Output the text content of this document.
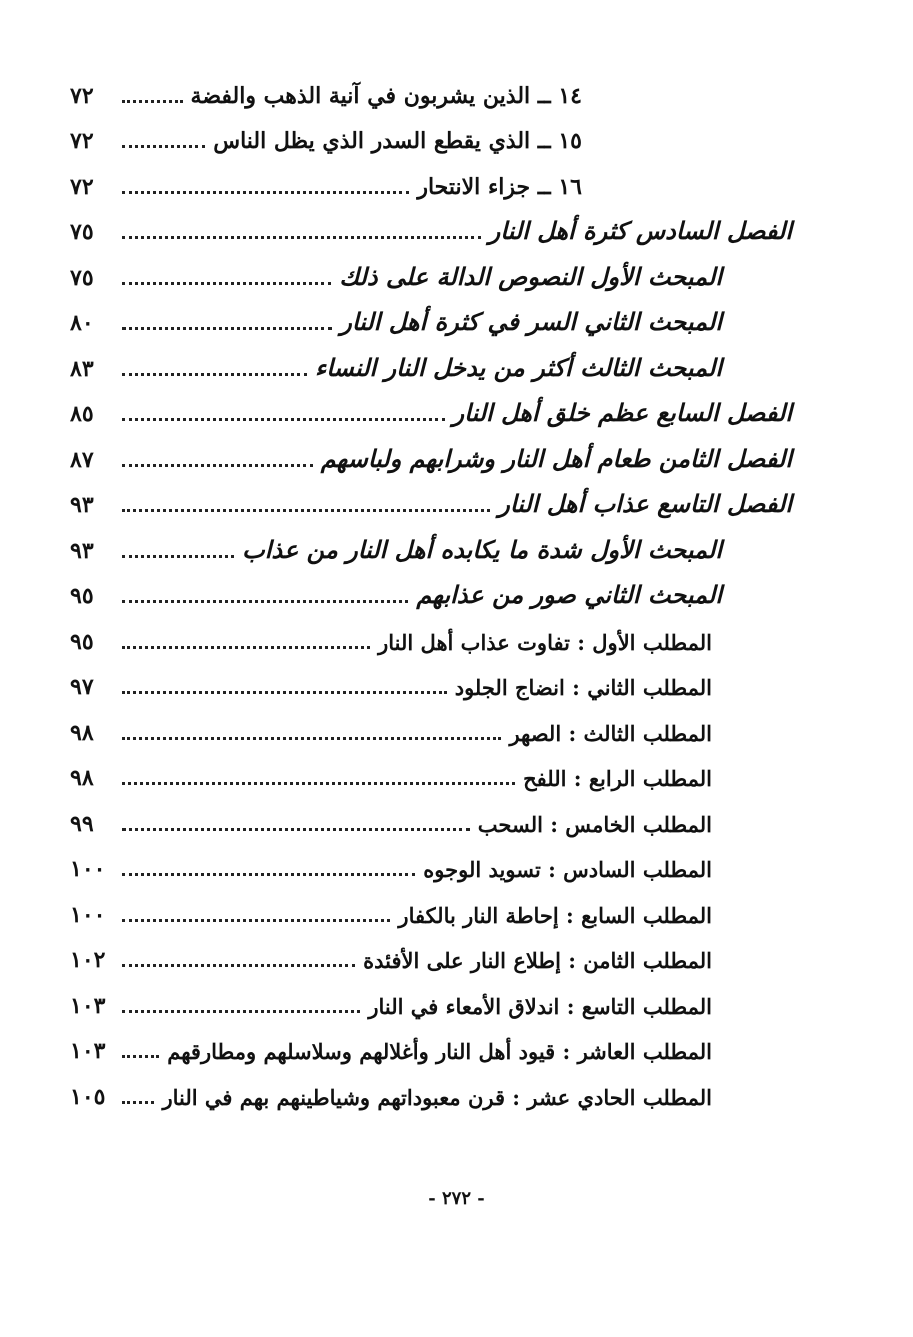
١٤ ــ الذين يشربون في آنية الذهب والفضة
٧٢
١٥ ــ الذي يقطع السدر الذي يظل الناس
٧٢
١٦ ــ جزاء الانتحار
٧٢
الفصل السادس كثرة أهل النار
٧٥
المبحث الأول النصوص الدالة على ذلك
٧٥
المبحث الثاني السر في كثرة أهل النار
٨٠
المبحث الثالث أكثر من يدخل النار النساء
٨٣
الفصل السابع عظم خلق أهل النار
٨٥
الفصل الثامن طعام أهل النار وشرابهم ولباسهم
٨٧
الفصل التاسع عذاب أهل النار
٩٣
المبحث الأول شدة ما يكابده أهل النار من عذاب
٩٣
المبحث الثاني صور من عذابهم
٩٥
المطلب الأول : تفاوت عذاب أهل النار
٩٥
المطلب الثاني : انضاج الجلود
٩٧
المطلب الثالث : الصهر
٩٨
المطلب الرابع : اللفح
٩٨
المطلب الخامس : السحب
٩٩
المطلب السادس : تسويد الوجوه
١٠٠
المطلب السابع : إحاطة النار بالكفار
١٠٠
المطلب الثامن : إطلاع النار على الأفئدة
١٠٢
المطلب التاسع : اندلاق الأمعاء في النار
١٠٣
المطلب العاشر : قيود أهل النار وأغلالهم وسلاسلهم ومطارقهم
١٠٣
المطلب الحادي عشر : قرن معبوداتهم وشياطينهم بهم في النار
١٠٥
- ٢٧٢ -
